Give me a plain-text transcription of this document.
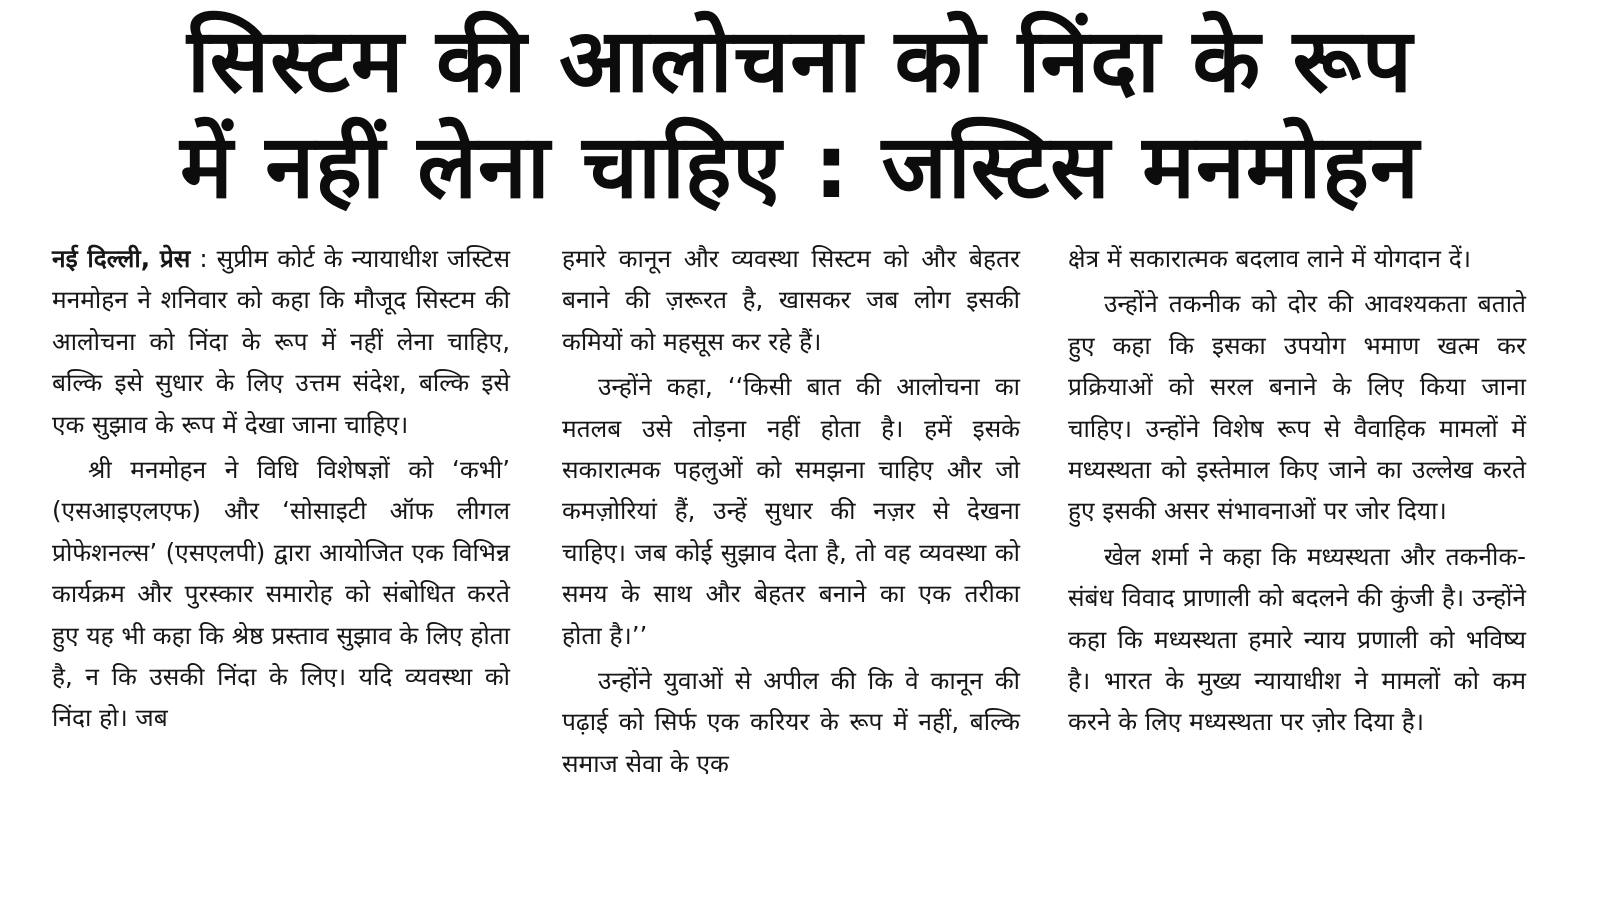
सिस्टम की आलोचना को निंदा के रूप
में नहीं लेना चाहिए : जस्टिस मनमोहन

नई दिल्ली, प्रेस : सुप्रीम कोर्ट के न्यायाधीश जस्टिस मनमोहन ने शनिवार को कहा कि मौजूद सिस्टम की आलोचना को निंदा के रूप में नहीं लेना चाहिए, बल्कि इसे सुधार के लिए उत्तम संदेश, बल्कि इसे एक सुझाव के रूप में देखा जाना चाहिए।

श्री मनमोहन ने विधि विशेषज्ञों को ‘कभी’ (एसआइएलएफ) और ‘सोसाइटी ऑफ लीगल प्रोफेशनल्स’ (एसएलपी) द्वारा आयोजित एक विभिन्न कार्यक्रम और पुरस्कार समारोह को संबोधित करते हुए यह भी कहा कि श्रेष्ठ प्रस्ताव सुझाव के लिए होता है, न कि उसकी निंदा के लिए। यदि व्यवस्था को निंदा हो। जब

हमारे कानून और व्यवस्था सिस्टम को और बेहतर बनाने की ज़रूरत है, खासकर जब लोग इसकी कमियों को महसूस कर रहे हैं।

उन्होंने कहा, ‘‘किसी बात की आलोचना का मतलब उसे तोड़ना नहीं होता है। हमें इसके सकारात्मक पहलुओं को समझना चाहिए और जो कमज़ोरियां हैं, उन्हें सुधार की नज़र से देखना चाहिए। जब कोई सुझाव देता है, तो वह व्यवस्था को समय के साथ और बेहतर बनाने का एक तरीका होता है।’’

उन्होंने युवाओं से अपील की कि वे कानून की पढ़ाई को सिर्फ एक करियर के रूप में नहीं, बल्कि समाज सेवा के एक

क्षेत्र में सकारात्मक बदलाव लाने में योगदान दें।

उन्होंने तकनीक को दोर की आवश्यकता बताते हुए कहा कि इसका उपयोग भमाण खत्म कर प्रक्रियाओं को सरल बनाने के लिए किया जाना चाहिए। उन्होंने विशेष रूप से वैवाहिक मामलों में मध्यस्थता को इस्तेमाल किए जाने का उल्लेख करते हुए इसकी असर संभावनाओं पर जोर दिया।

खेल शर्मा ने कहा कि मध्यस्थता और तकनीक-संबंध विवाद प्राणाली को बदलने की कुंजी है। उन्होंने कहा कि मध्यस्थता हमारे न्याय प्रणाली को भविष्य है। भारत के मुख्य न्यायाधीश ने मामलों को कम करने के लिए मध्यस्थता पर ज़ोर दिया है।
